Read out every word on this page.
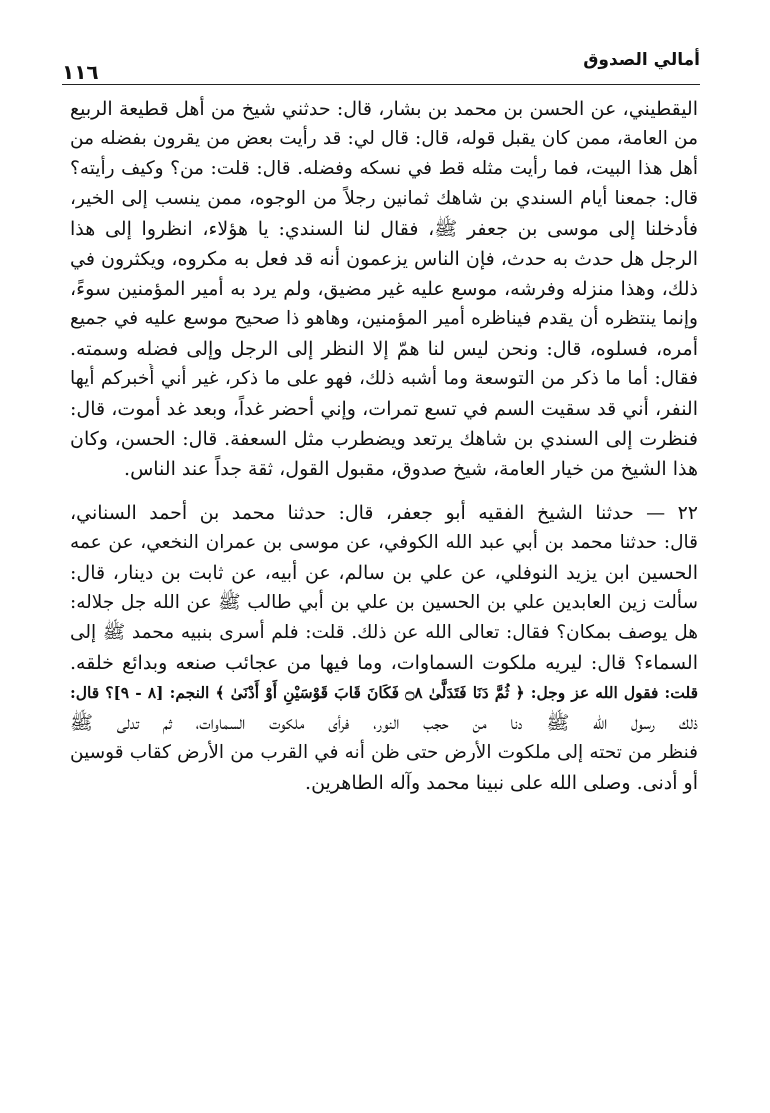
١١٦	أمالي الصدوق
اليقطيني، عن الحسن بن محمد بن بشار، قال: حدثني شيخ من أهل قطيعة الربيع
من العامة، ممن كان يقبل قوله، قال: قال لي: قد رأيت بعض من يقرون بفضله من
أهل هذا البيت، فما رأيت مثله قط في نسكه وفضله. قال: قلت: من؟ وكيف رأيته؟
قال: جمعنا أيام السندي بن شاهك ثمانين رجلاً من الوجوه، ممن ينسب إلى الخير،
فأدخلنا إلى موسى بن جعفر ﷺ، فقال لنا السندي: يا هؤلاء، انظروا إلى هذا
الرجل هل حدث به حدث، فإن الناس يزعمون أنه قد فعل به مكروه، ويكثرون في
ذلك، وهذا منزله وفرشه، موسع عليه غير مضيق، ولم يرد به أمير المؤمنين سوءً،
وإنما ينتظره أن يقدم فيناظره أمير المؤمنين، وهاهو ذا صحيح موسع عليه في جميع
أمره، فسلوه، قال: ونحن ليس لنا همّ إلا النظر إلى الرجل وإلى فضله وسمته.
فقال: أما ما ذكر من التوسعة وما أشبه ذلك، فهو على ما ذكر، غير أني أُخبركم أيها
النفر، أني قد سقيت السم في تسع تمرات، وإني أحضر غداً، وبعد غد أموت، قال:
فنظرت إلى السندي بن شاهك يرتعد ويضطرب مثل السعفة. قال: الحسن، وكان
هذا الشيخ من خيار العامة، شيخ صدوق، مقبول القول، ثقة جداً عند الناس.
٢٢ — حدثنا الشيخ الفقيه أبو جعفر، قال: حدثنا محمد بن أحمد السناني،
قال: حدثنا محمد بن أبي عبد الله الكوفي، عن موسى بن عمران النخعي، عن عمه
الحسين ابن يزيد النوفلي، عن علي بن سالم، عن أبيه، عن ثابت بن دينار، قال:
سألت زين العابدين علي بن الحسين بن علي بن أبي طالب ﷺ عن الله جل جلاله:
هل يوصف بمكان؟ فقال: تعالى الله عن ذلك. قلت: فلم أسرى بنبيه محمد ﷺ إلى
السماء؟ قال: ليريه ملكوت السماوات، وما فيها من عجائب صنعه وبدائع خلقه.
قلت: فقول الله عز وجل: ﴿ ثُمَّ دَنَا فَتَدَلَّىٰ ۝٨ فَكَانَ قَابَ قَوْسَيْنِ أَوْ أَدْنَىٰ ﴾ النجم: [٨ - ٩]؟ قال:
ذلك رسول الله ﷺ دنا من حجب النور، فرأى ملكوت السماوات، ثم تدلى ﷺ
فنظر من تحته إلى ملكوت الأرض حتى ظن أنه في القرب من الأرض كقاب قوسين
أو أدنى. وصلى الله على نبينا محمد وآله الطاهرين.
